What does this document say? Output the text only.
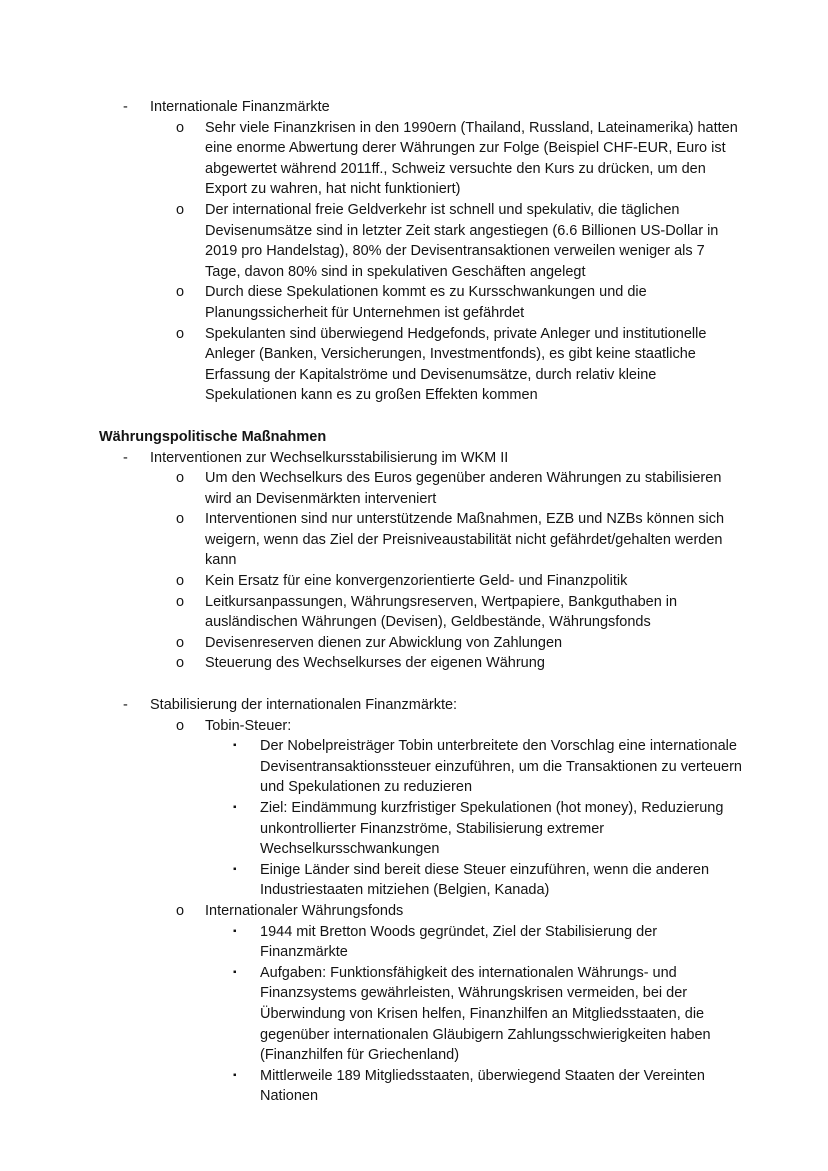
-	Internationale Finanzmärkte
o	Sehr viele Finanzkrisen in den 1990ern (Thailand, Russland, Lateinamerika) hatten eine enorme Abwertung derer Währungen zur Folge (Beispiel CHF-EUR, Euro ist abgewertet während 2011ff., Schweiz versuchte den Kurs zu drücken, um den Export zu wahren, hat nicht funktioniert)
o	Der international freie Geldverkehr ist schnell und spekulativ, die täglichen Devisenumsätze sind in letzter Zeit stark angestiegen (6.6 Billionen US-Dollar in 2019 pro Handelstag), 80% der Devisentransaktionen verweilen weniger als 7 Tage, davon 80% sind in spekulativen Geschäften angelegt
o	Durch diese Spekulationen kommt es zu Kursschwankungen und die Planungssicherheit für Unternehmen ist gefährdet
o	Spekulanten sind überwiegend Hedgefonds, private Anleger und institutionelle Anleger (Banken, Versicherungen, Investmentfonds), es gibt keine staatliche Erfassung der Kapitalströme und Devisenumsätze, durch relativ kleine Spekulationen kann es zu großen Effekten kommen
Währungspolitische Maßnahmen
-	Interventionen zur Wechselkursstabilisierung im WKM II
o	Um den Wechselkurs des Euros gegenüber anderen Währungen zu stabilisieren wird an Devisenmärkten interveniert
o	Interventionen sind nur unterstützende Maßnahmen, EZB und NZBs können sich weigern, wenn das Ziel der Preisniveaustabilität nicht gefährdet/gehalten werden kann
o	Kein Ersatz für eine konvergenzorientierte Geld- und Finanzpolitik
o	Leitkursanpassungen, Währungsreserven, Wertpapiere, Bankguthaben in ausländischen Währungen (Devisen), Geldbestände, Währungsfonds
o	Devisenreserven dienen zur Abwicklung von Zahlungen
o	Steuerung des Wechselkurses der eigenen Währung
-	Stabilisierung der internationalen Finanzmärkte:
o	Tobin-Steuer:
▪	Der Nobelpreisträger Tobin unterbreitete den Vorschlag eine internationale Devisentransaktionssteuer einzuführen, um die Transaktionen zu verteuern und Spekulationen zu reduzieren
▪	Ziel: Eindämmung kurzfristiger Spekulationen (hot money), Reduzierung unkontrollierter Finanzströme, Stabilisierung extremer Wechselkursschwankungen
▪	Einige Länder sind bereit diese Steuer einzuführen, wenn die anderen Industriestaaten mitziehen (Belgien, Kanada)
o	Internationaler Währungsfonds
▪	1944 mit Bretton Woods gegründet, Ziel der Stabilisierung der Finanzmärkte
▪	Aufgaben: Funktionsfähigkeit des internationalen Währungs- und Finanzsystems gewährleisten, Währungskrisen vermeiden, bei der Überwindung von Krisen helfen, Finanzhilfen an Mitgliedsstaaten, die gegenüber internationalen Gläubigern Zahlungsschwierigkeiten haben (Finanzhilfen für Griechenland)
▪	Mittlerweile 189 Mitgliedsstaaten, überwiegend Staaten der Vereinten Nationen
